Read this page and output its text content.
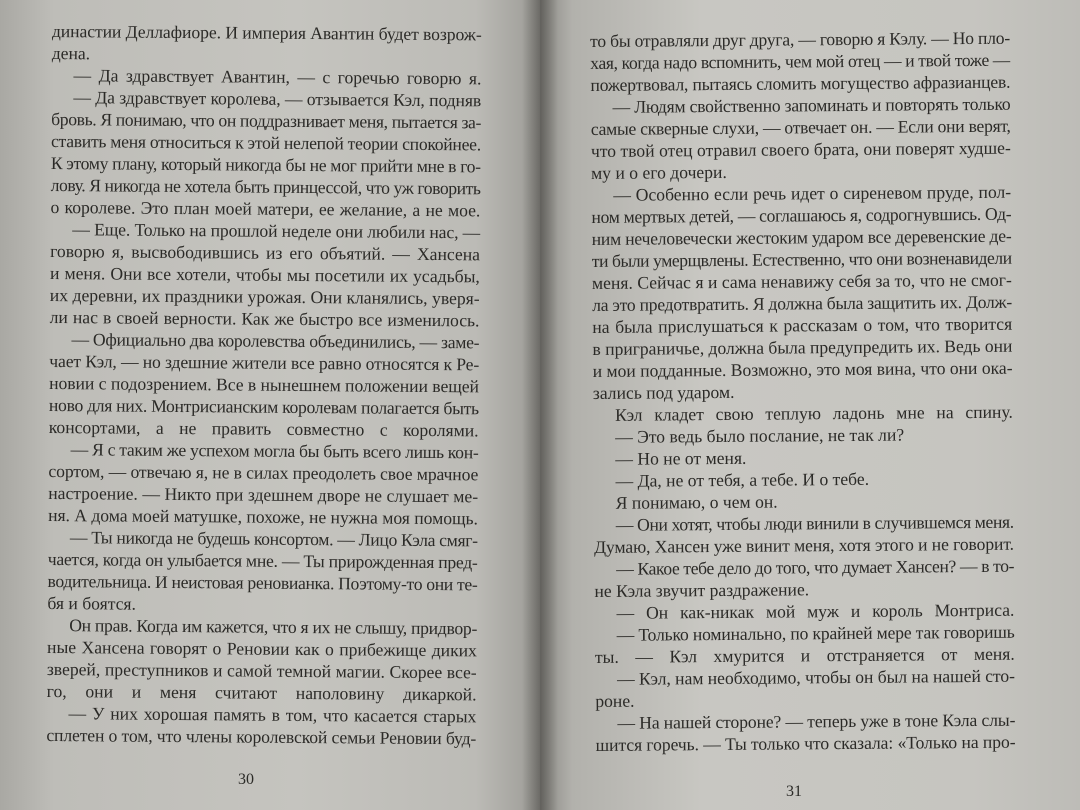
династии Деллафиоре. И империя Авантин будет возрож-
дена.
— Да здравствует Авантин, — с горечью говорю я.
— Да здравствует королева, — отзывается Кэл, подняв
бровь. Я понимаю, что он поддразнивает меня, пытается за-
ставить меня относиться к этой нелепой теории спокойнее.
К этому плану, который никогда бы не мог прийти мне в го-
лову. Я никогда не хотела быть принцессой, что уж говорить
о королеве. Это план моей матери, ее желание, а не мое.
— Еще. Только на прошлой неделе они любили нас, —
говорю я, высвободившись из его объятий. — Хансена
и меня. Они все хотели, чтобы мы посетили их усадьбы,
их деревни, их праздники урожая. Они кланялись, уверя-
ли нас в своей верности. Как же быстро все изменилось.
— Официально два королевства объединились, — заме-
чает Кэл, — но здешние жители все равно относятся к Ре-
новии с подозрением. Все в нынешнем положении вещей
ново для них. Монтрисианским королевам полагается быть
консортами, а не править совместно с королями.
— Я с таким же успехом могла бы быть всего лишь кон-
сортом, — отвечаю я, не в силах преодолеть свое мрачное
настроение. — Никто при здешнем дворе не слушает ме-
ня. А дома моей матушке, похоже, не нужна моя помощь.
— Ты никогда не будешь консортом. — Лицо Кэла смяг-
чается, когда он улыбается мне. — Ты прирожденная пред-
водительница. И неистовая реновианка. Поэтому-то они те-
бя и боятся.
Он прав. Когда им кажется, что я их не слышу, придвор-
ные Хансена говорят о Реновии как о прибежище диких
зверей, преступников и самой темной магии. Скорее все-
го, они и меня считают наполовину дикаркой.
— У них хорошая память в том, что касается старых
сплетен о том, что члены королевской семьи Реновии буд-
то бы отравляли друг друга, — говорю я Кэлу. — Но пло-
хая, когда надо вспомнить, чем мой отец — и твой тоже —
пожертвовал, пытаясь сломить могущество афразианцев.
— Людям свойственно запоминать и повторять только
самые скверные слухи, — отвечает он. — Если они верят,
что твой отец отравил своего брата, они поверят худше-
му и о его дочери.
— Особенно если речь идет о сиреневом пруде, пол-
ном мертвых детей, — соглашаюсь я, содрогнувшись. Од-
ним нечеловечески жестоким ударом все деревенские де-
ти были умерщвлены. Естественно, что они возненавидели
меня. Сейчас я и сама ненавижу себя за то, что не смог-
ла это предотвратить. Я должна была защитить их. Долж-
на была прислушаться к рассказам о том, что творится
в приграничье, должна была предупредить их. Ведь они
и мои подданные. Возможно, это моя вина, что они ока-
зались под ударом.
Кэл кладет свою теплую ладонь мне на спину.
— Это ведь было послание, не так ли?
— Но не от меня.
— Да, не от тебя, а тебе. И о тебе.
Я понимаю, о чем он.
— Они хотят, чтобы люди винили в случившемся меня.
Думаю, Хансен уже винит меня, хотя этого и не говорит.
— Какое тебе дело до того, что думает Хансен? — в то-
не Кэла звучит раздражение.
— Он как-никак мой муж и король Монтриса.
— Только номинально, по крайней мере так говоришь
ты. — Кэл хмурится и отстраняется от меня.
— Кэл, нам необходимо, чтобы он был на нашей сто-
роне.
— На нашей стороне? — теперь уже в тоне Кэла слы-
шится горечь. — Ты только что сказала: «Только на про-
30
31
